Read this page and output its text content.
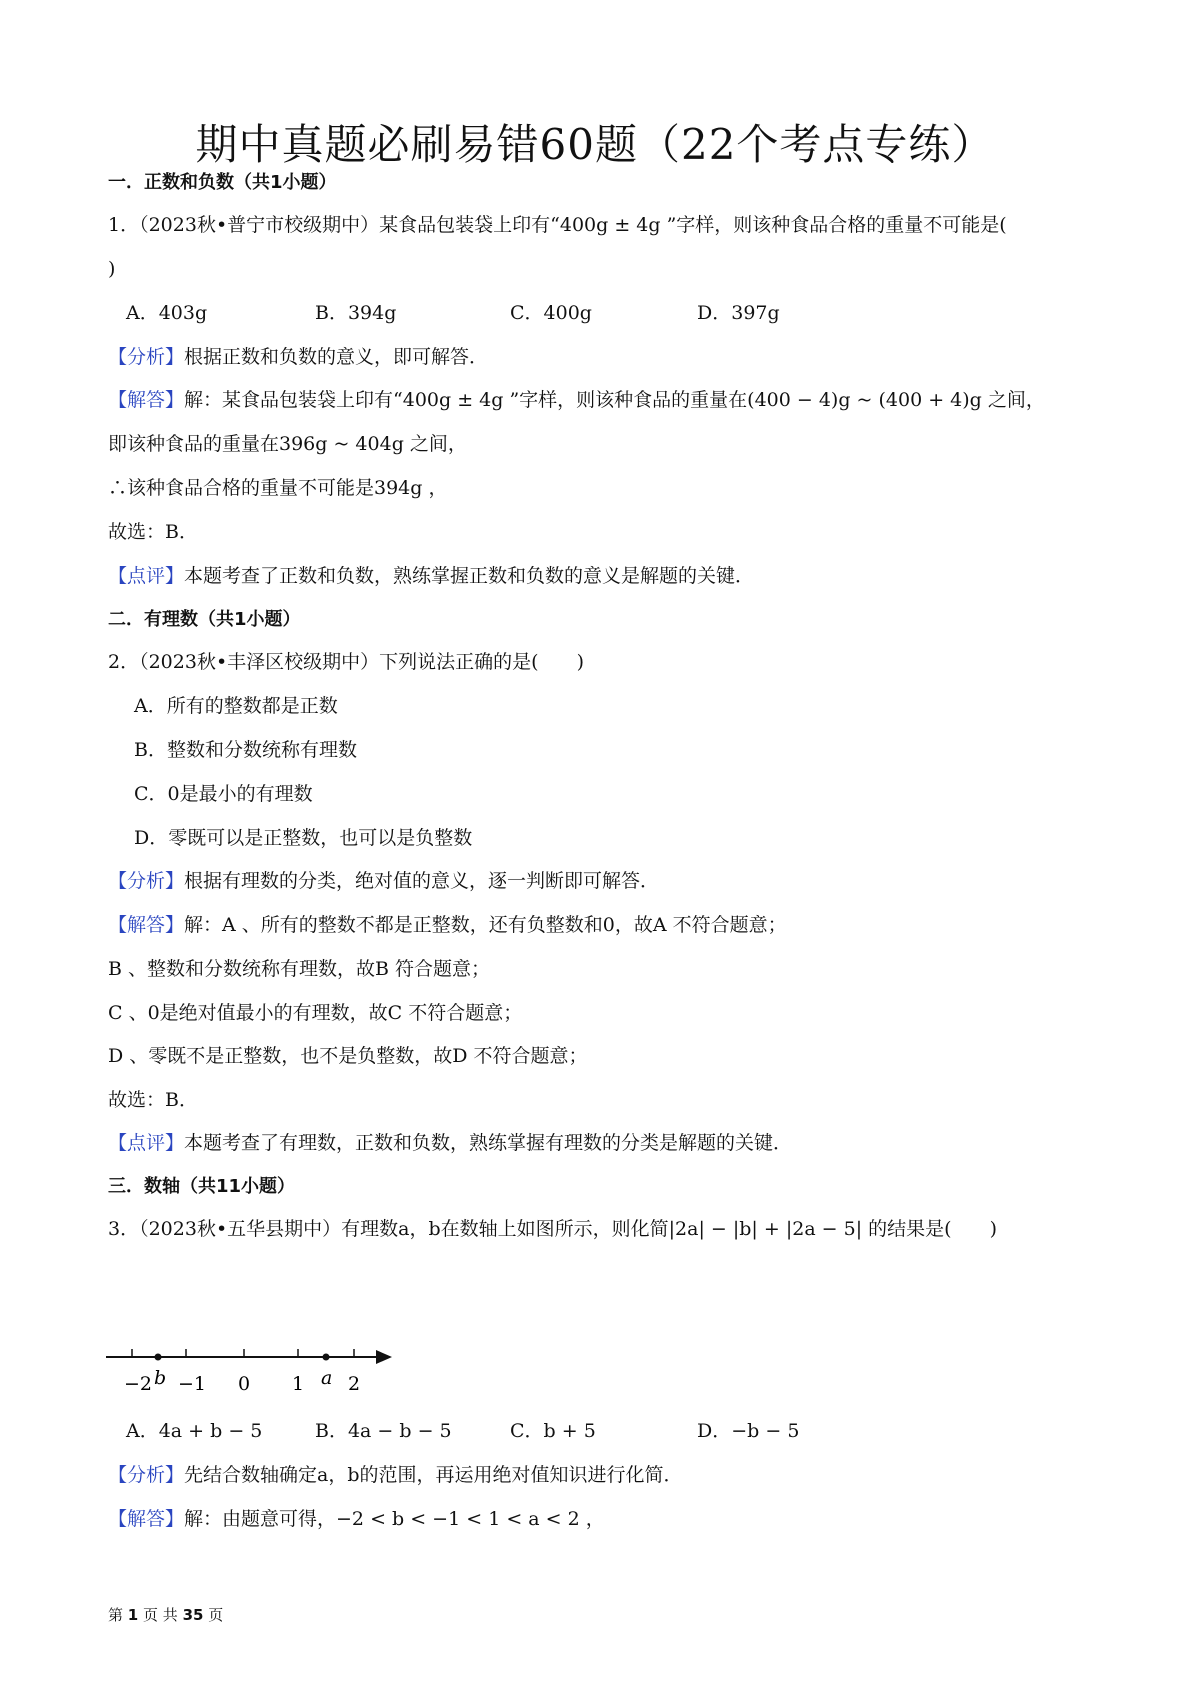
期中真题必刷易错60题（22个考点专练）
一．正数和负数（共1小题）
1．（2023秋•普宁市校级期中）某食品包装袋上印有“400g ± 4g ”字样，则该种食品合格的重量不可能是(
)
A．403g	B．394g	C．400g	D．397g
【分析】根据正数和负数的意义，即可解答．
【解答】解：某食品包装袋上印有“400g ± 4g ”字样，则该种食品的重量在(400 − 4)g ~ (400 + 4)g 之间，
即该种食品的重量在396g ~ 404g 之间，
∴该种食品合格的重量不可能是394g ，
故选：B．
【点评】本题考查了正数和负数，熟练掌握正数和负数的意义是解题的关键．
二．有理数（共1小题）
2．（2023秋•丰泽区校级期中）下列说法正确的是(　　)
A．所有的整数都是正数
B．整数和分数统称有理数
C．0是最小的有理数
D．零既可以是正整数，也可以是负整数
【分析】根据有理数的分类，绝对值的意义，逐一判断即可解答．
【解答】解：A 、所有的整数不都是正整数，还有负整数和0，故A 不符合题意；
B 、整数和分数统称有理数，故B 符合题意；
C 、0是绝对值最小的有理数，故C 不符合题意；
D 、零既不是正整数，也不是负整数，故D 不符合题意；
故选：B．
【点评】本题考查了有理数，正数和负数，熟练掌握有理数的分类是解题的关键．
三．数轴（共11小题）
3．（2023秋•五华县期中）有理数a，b在数轴上如图所示，则化简|2a| − |b| + |2a − 5| 的结果是(　　)
−2 b −1 0 1 a 2
A．4a + b − 5	B．4a − b − 5	C．b + 5	D．−b − 5
【分析】先结合数轴确定a，b的范围，再运用绝对值知识进行化简．
【解答】解：由题意可得，−2 < b < −1 < 1 < a < 2 ，
第 1 页 共 35 页
